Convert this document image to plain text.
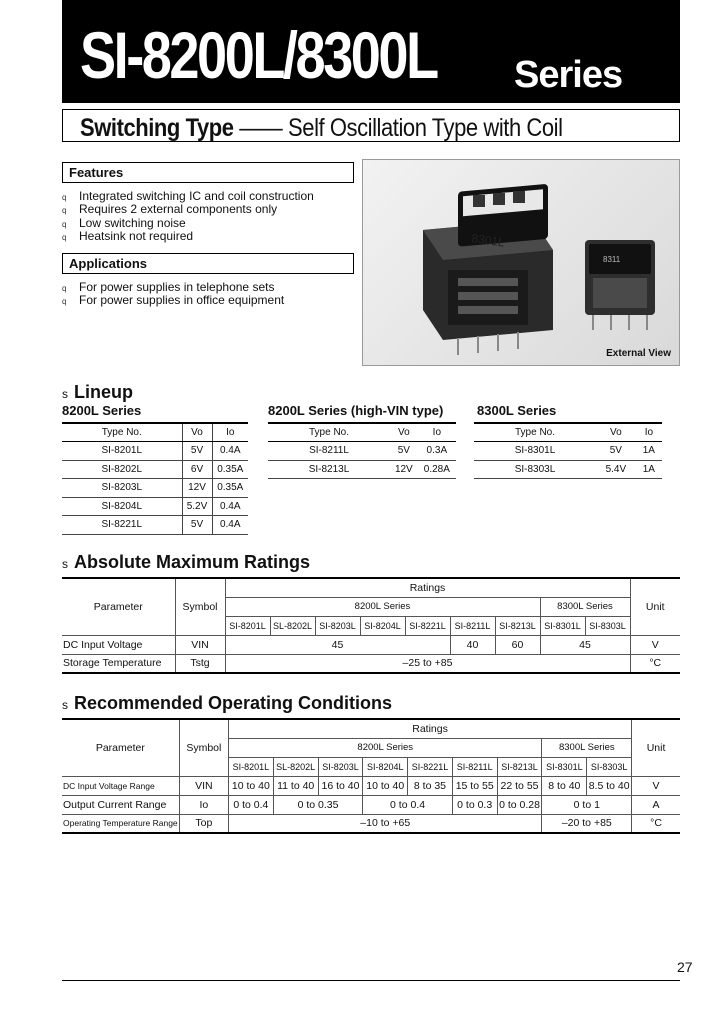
SI-8200L/8300L Series
Switching Type —— Self Oscillation Type with Coil
Features
q Integrated switching IC and coil construction
q Requires 2 external components only
q Low switching noise
q Heatsink not required
Applications
q For power supplies in telephone sets
q For power supplies in office equipment
8301L
8311
External View
s Lineup
8200L Series
Type No.	Vo	Io
SI-8201L	5V	0.4A
SI-8202L	6V	0.35A
SI-8203L	12V	0.35A
SI-8204L	5.2V	0.4A
SI-8221L	5V	0.4A
8200L Series (high-VIN type)
Type No.	Vo	Io
SI-8211L	5V	0.3A
SI-8213L	12V	0.28A
8300L Series
Type No.	Vo	Io
SI-8301L	5V	1A
SI-8303L	5.4V	1A
s Absolute Maximum Ratings
Parameter	Symbol	Ratings									Unit
		8200L Series							8300L Series		
		SI-8201L	SL-8202L	SI-8203L	SI-8204L	SI-8221L	SI-8211L	SI-8213L	SI-8301L	SI-8303L	
DC Input Voltage	VIN	45					40	60	45		V
Storage Temperature	Tstg	–25 to +85									°C
s Recommended Operating Conditions
Parameter	Symbol	Ratings									Unit
		8200L Series							8300L Series		
		SI-8201L	SL-8202L	SI-8203L	SI-8204L	SI-8221L	SI-8211L	SI-8213L	SI-8301L	SI-8303L	
DC Input Voltage Range	VIN	10 to 40	11 to 40	16 to 40	10 to 40	8 to 35	15 to 55	22 to 55	8 to 40	8.5 to 40	V
Output Current Range	Io	0 to 0.4	0 to 0.35		0 to 0.4		0 to 0.3	0 to 0.28	0 to 1		A
Operating Temperature Range	Top	–10 to +65							–20 to +85		°C
27
